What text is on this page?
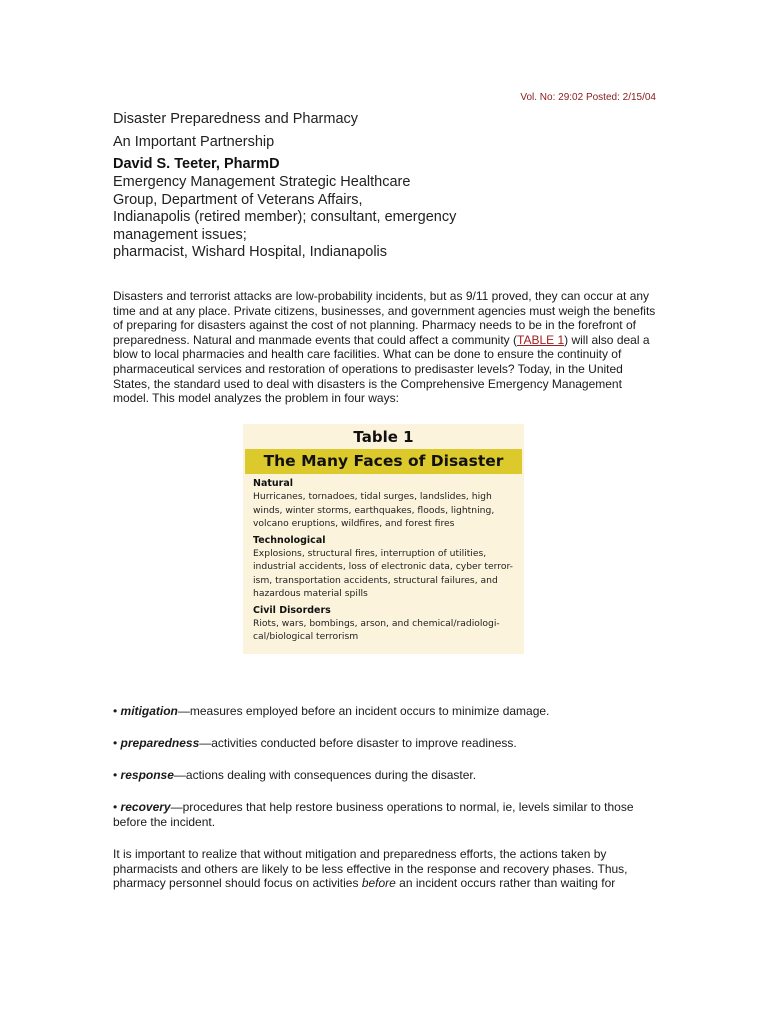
Vol. No: 29:02 Posted: 2/15/04
Disaster Preparedness and Pharmacy
An Important Partnership
David S. Teeter, PharmD
Emergency Management Strategic Healthcare
Group, Department of Veterans Affairs,
Indianapolis (retired member); consultant, emergency
management issues;
pharmacist, Wishard Hospital, Indianapolis
Disasters and terrorist attacks are low-probability incidents, but as 9/11 proved, they can occur at any time and at any place. Private citizens, businesses, and government agencies must weigh the benefits of preparing for disasters against the cost of not planning. Pharmacy needs to be in the forefront of preparedness. Natural and manmade events that could affect a community (TABLE 1) will also deal a blow to local pharmacies and health care facilities. What can be done to ensure the continuity of pharmaceutical services and restoration of operations to predisaster levels? Today, in the United States, the standard used to deal with disasters is the Comprehensive Emergency Management model. This model analyzes the problem in four ways:
Table 1
The Many Faces of Disaster
Natural
Hurricanes, tornadoes, tidal surges, landslides, high
winds, winter storms, earthquakes, floods, lightning,
volcano eruptions, wildfires, and forest fires
Technological
Explosions, structural fires, interruption of utilities,
industrial accidents, loss of electronic data, cyber terror-
ism, transportation accidents, structural failures, and
hazardous material spills
Civil Disorders
Riots, wars, bombings, arson, and chemical/radiologi-
cal/biological terrorism
• mitigation—measures employed before an incident occurs to minimize damage.
• preparedness—activities conducted before disaster to improve readiness.
• response—actions dealing with consequences during the disaster.
• recovery—procedures that help restore business operations to normal, ie, levels similar to those before the incident.
It is important to realize that without mitigation and preparedness efforts, the actions taken by pharmacists and others are likely to be less effective in the response and recovery phases. Thus, pharmacy personnel should focus on activities before an incident occurs rather than waiting for
